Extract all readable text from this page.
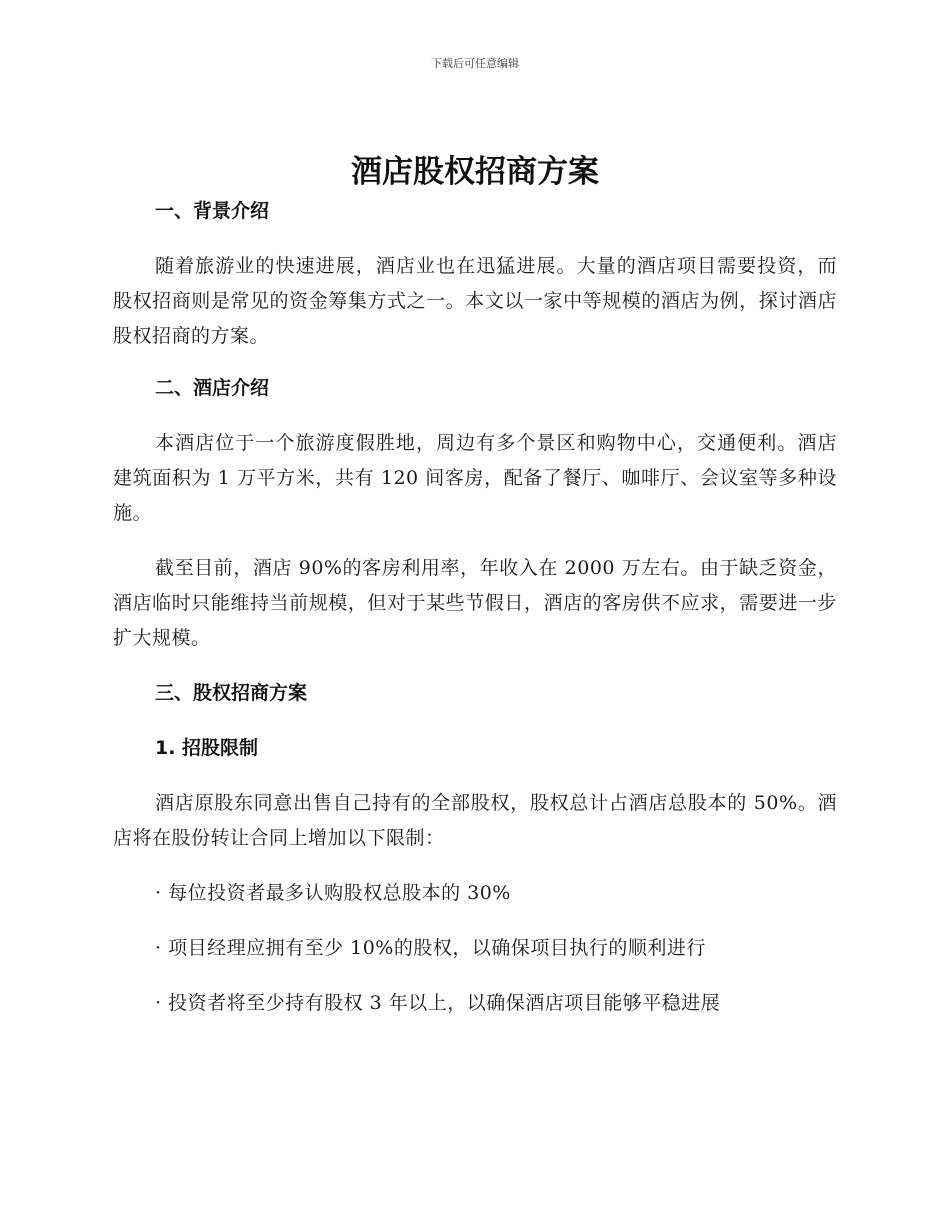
下载后可任意编辑
酒店股权招商方案
一、背景介绍

随着旅游业的快速进展，酒店业也在迅猛进展。大量的酒店项目需要投资，而股权招商则是常见的资金筹集方式之一。本文以一家中等规模的酒店为例，探讨酒店股权招商的方案。

二、酒店介绍

本酒店位于一个旅游度假胜地，周边有多个景区和购物中心，交通便利。酒店建筑面积为 1 万平方米，共有 120 间客房，配备了餐厅、咖啡厅、会议室等多种设施。

截至目前，酒店 90%的客房利用率，年收入在 2000 万左右。由于缺乏资金，酒店临时只能维持当前规模，但对于某些节假日，酒店的客房供不应求，需要进一步扩大规模。

三、股权招商方案
1. 招股限制

酒店原股东同意出售自己持有的全部股权，股权总计占酒店总股本的 50%。酒店将在股份转让合同上增加以下限制：

· 每位投资者最多认购股权总股本的 30%

· 项目经理应拥有至少 10%的股权，以确保项目执行的顺利进行

· 投资者将至少持有股权 3 年以上，以确保酒店项目能够平稳进展
